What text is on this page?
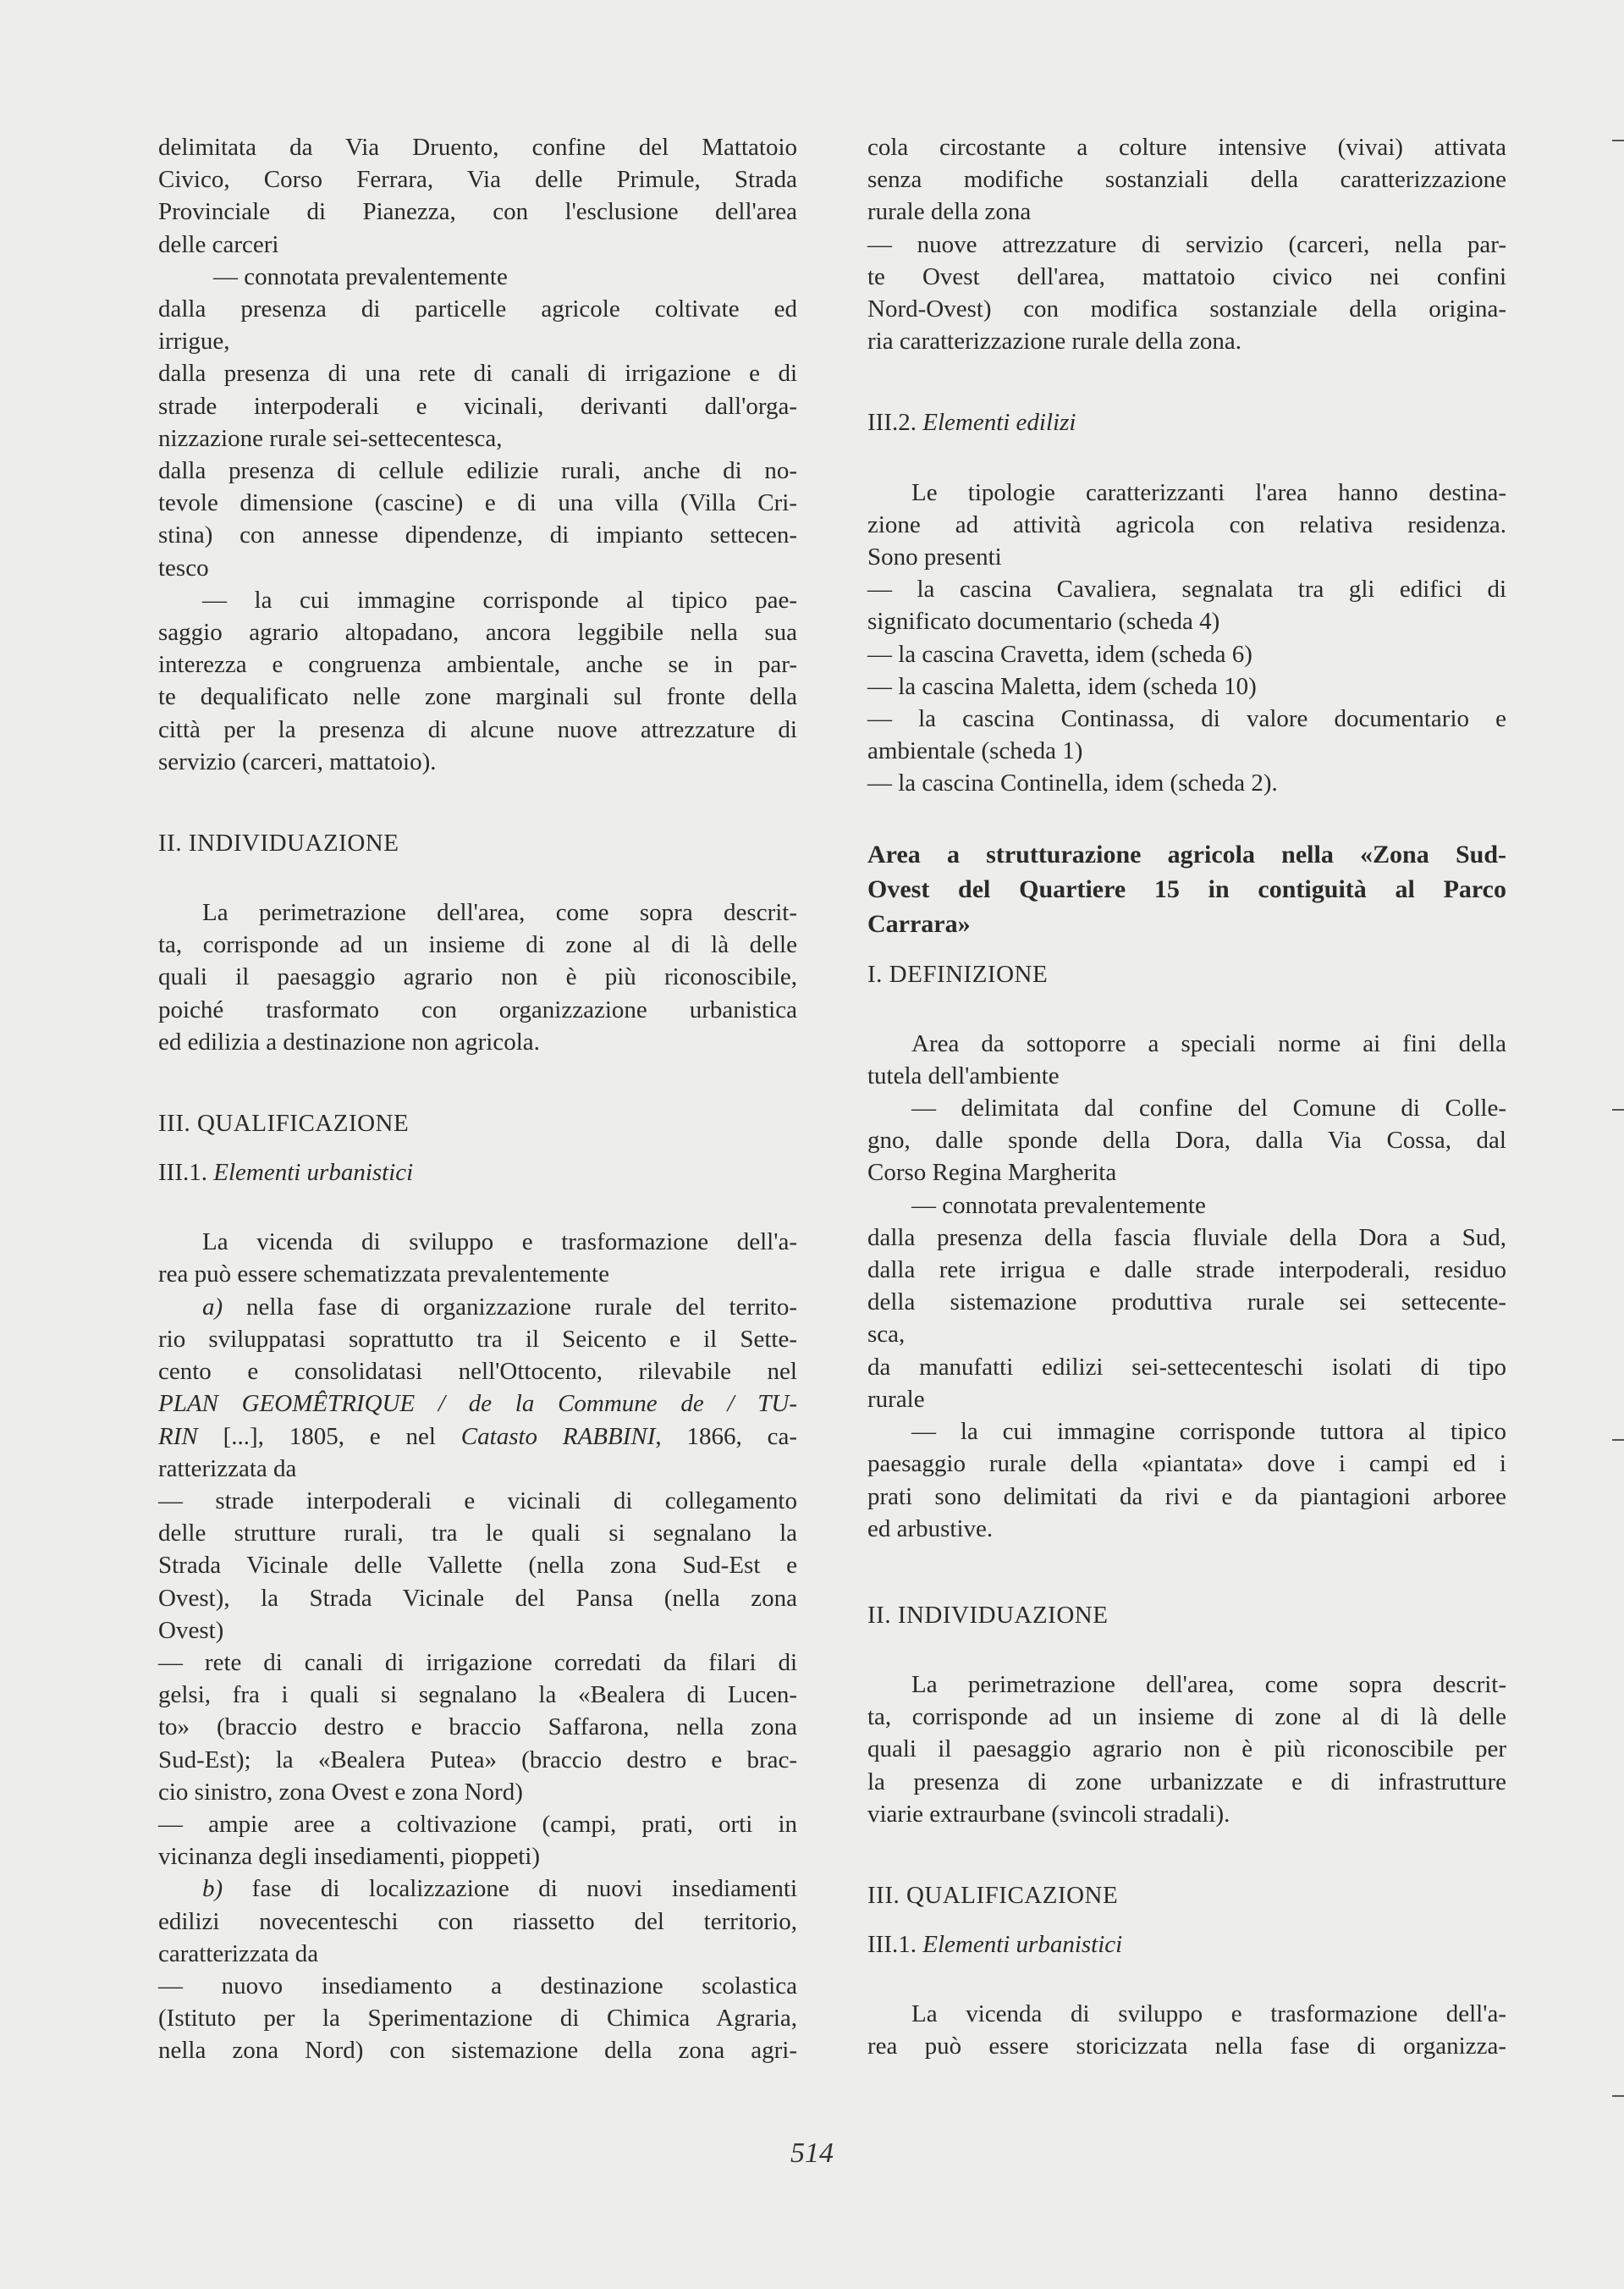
delimitata da Via Druento, confine del Mattatoio

Civico, Corso Ferrara, Via delle Primule, Strada

Provinciale di Pianezza, con l'esclusione dell'area

delle carceri

— connotata prevalentemente

dalla presenza di particelle agricole coltivate ed

irrigue,

dalla presenza di una rete di canali di irrigazione e di

strade interpoderali e vicinali, derivanti dall'orga-

nizzazione rurale sei-settecentesca,

dalla presenza di cellule edilizie rurali, anche di no-

tevole dimensione (cascine) e di una villa (Villa Cri-

stina) con annesse dipendenze, di impianto settecen-

tesco

— la cui immagine corrisponde al tipico pae-

saggio agrario altopadano, ancora leggibile nella sua

interezza e congruenza ambientale, anche se in par-

te dequalificato nelle zone marginali sul fronte della

città per la presenza di alcune nuove attrezzature di

servizio (carceri, mattatoio).

II. INDIVIDUAZIONE

La perimetrazione dell'area, come sopra descrit-

ta, corrisponde ad un insieme di zone al di là delle

quali il paesaggio agrario non è più riconoscibile,

poiché trasformato con organizzazione urbanistica

ed edilizia a destinazione non agricola.

III. QUALIFICAZIONE

III.1. Elementi urbanistici

La vicenda di sviluppo e trasformazione dell'a-

rea può essere schematizzata prevalentemente

a) nella fase di organizzazione rurale del territo-

rio sviluppatasi soprattutto tra il Seicento e il Sette-

cento e consolidatasi nell'Ottocento, rilevabile nel

PLAN GEOMÊTRIQUE / de la Commune de / TU-

RIN [...], 1805, e nel Catasto RABBINI, 1866, ca-

ratterizzata da

— strade interpoderali e vicinali di collegamento

delle strutture rurali, tra le quali si segnalano la

Strada Vicinale delle Vallette (nella zona Sud-Est e

Ovest), la Strada Vicinale del Pansa (nella zona

Ovest)

— rete di canali di irrigazione corredati da filari di

gelsi, fra i quali si segnalano la «Bealera di Lucen-

to» (braccio destro e braccio Saffarona, nella zona

Sud-Est); la «Bealera Putea» (braccio destro e brac-

cio sinistro, zona Ovest e zona Nord)

— ampie aree a coltivazione (campi, prati, orti in

vicinanza degli insediamenti, pioppeti)

b) fase di localizzazione di nuovi insediamenti

edilizi novecenteschi con riassetto del territorio,

caratterizzata da

— nuovo insediamento a destinazione scolastica

(Istituto per la Sperimentazione di Chimica Agraria,

nella zona Nord) con sistemazione della zona agri-

cola circostante a colture intensive (vivai) attivata

senza modifiche sostanziali della caratterizzazione

rurale della zona

— nuove attrezzature di servizio (carceri, nella par-

te Ovest dell'area, mattatoio civico nei confini

Nord-Ovest) con modifica sostanziale della origina-

ria caratterizzazione rurale della zona.

III.2. Elementi edilizi

Le tipologie caratterizzanti l'area hanno destina-

zione ad attività agricola con relativa residenza.

Sono presenti

— la cascina Cavaliera, segnalata tra gli edifici di

significato documentario (scheda 4)

— la cascina Cravetta, idem (scheda 6)

— la cascina Maletta, idem (scheda 10)

— la cascina Continassa, di valore documentario e

ambientale (scheda 1)

— la cascina Continella, idem (scheda 2).

Area a strutturazione agricola nella «Zona Sud-

Ovest del Quartiere 15 in contiguità al Parco

Carrara»

I. DEFINIZIONE

Area da sottoporre a speciali norme ai fini della

tutela dell'ambiente

— delimitata dal confine del Comune di Colle-

gno, dalle sponde della Dora, dalla Via Cossa, dal

Corso Regina Margherita

— connotata prevalentemente

dalla presenza della fascia fluviale della Dora a Sud,

dalla rete irrigua e dalle strade interpoderali, residuo

della sistemazione produttiva rurale sei settecente-

sca,

da manufatti edilizi sei-settecenteschi isolati di tipo

rurale

— la cui immagine corrisponde tuttora al tipico

paesaggio rurale della «piantata» dove i campi ed i

prati sono delimitati da rivi e da piantagioni arboree

ed arbustive.

II. INDIVIDUAZIONE

La perimetrazione dell'area, come sopra descrit-

ta, corrisponde ad un insieme di zone al di là delle

quali il paesaggio agrario non è più riconoscibile per

la presenza di zone urbanizzate e di infrastrutture

viarie extraurbane (svincoli stradali).

III. QUALIFICAZIONE

III.1. Elementi urbanistici

La vicenda di sviluppo e trasformazione dell'a-

rea può essere storicizzata nella fase di organizza-

514
